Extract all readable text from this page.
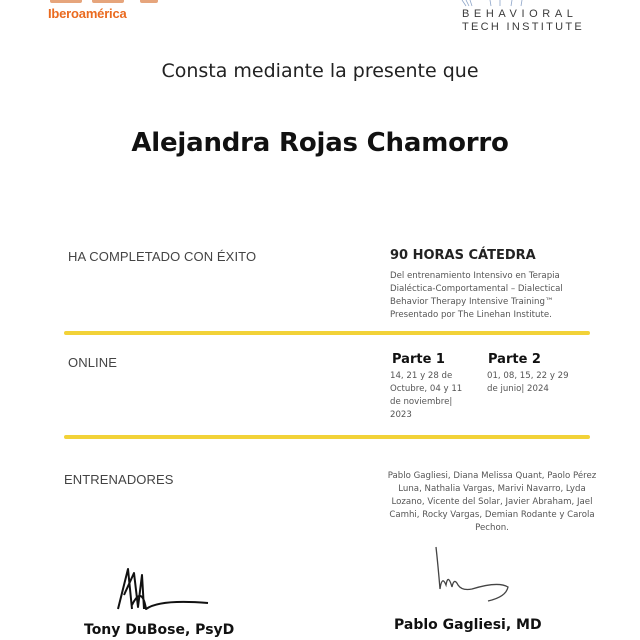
Iberoamérica	BEHAVIORAL
TECH INSTITUTE
Consta mediante la presente que
Alejandra Rojas Chamorro
HA COMPLETADO CON ÉXITO	90 HORAS CÁTEDRA
Del entrenamiento Intensivo en Terapia Dialéctica-Comportamental – Dialectical Behavior Therapy Intensive Training™ Presentado por The Linehan Institute.
ONLINE	Parte 1
14, 21 y 28 de Octubre, 04 y 11 de noviembre| 2023
Parte 2
01, 08, 15, 22 y 29 de junio| 2024
ENTRENADORES	Pablo Gagliesi, Diana Melissa Quant, Paolo Pérez Luna, Nathalia Vargas, Marivi Navarro, Lyda Lozano, Vicente del Solar, Javier Abraham, Jael Camhi, Rocky Vargas, Demian Rodante y Carola Pechon.
Tony DuBose, PsyD	Pablo Gagliesi, MD
